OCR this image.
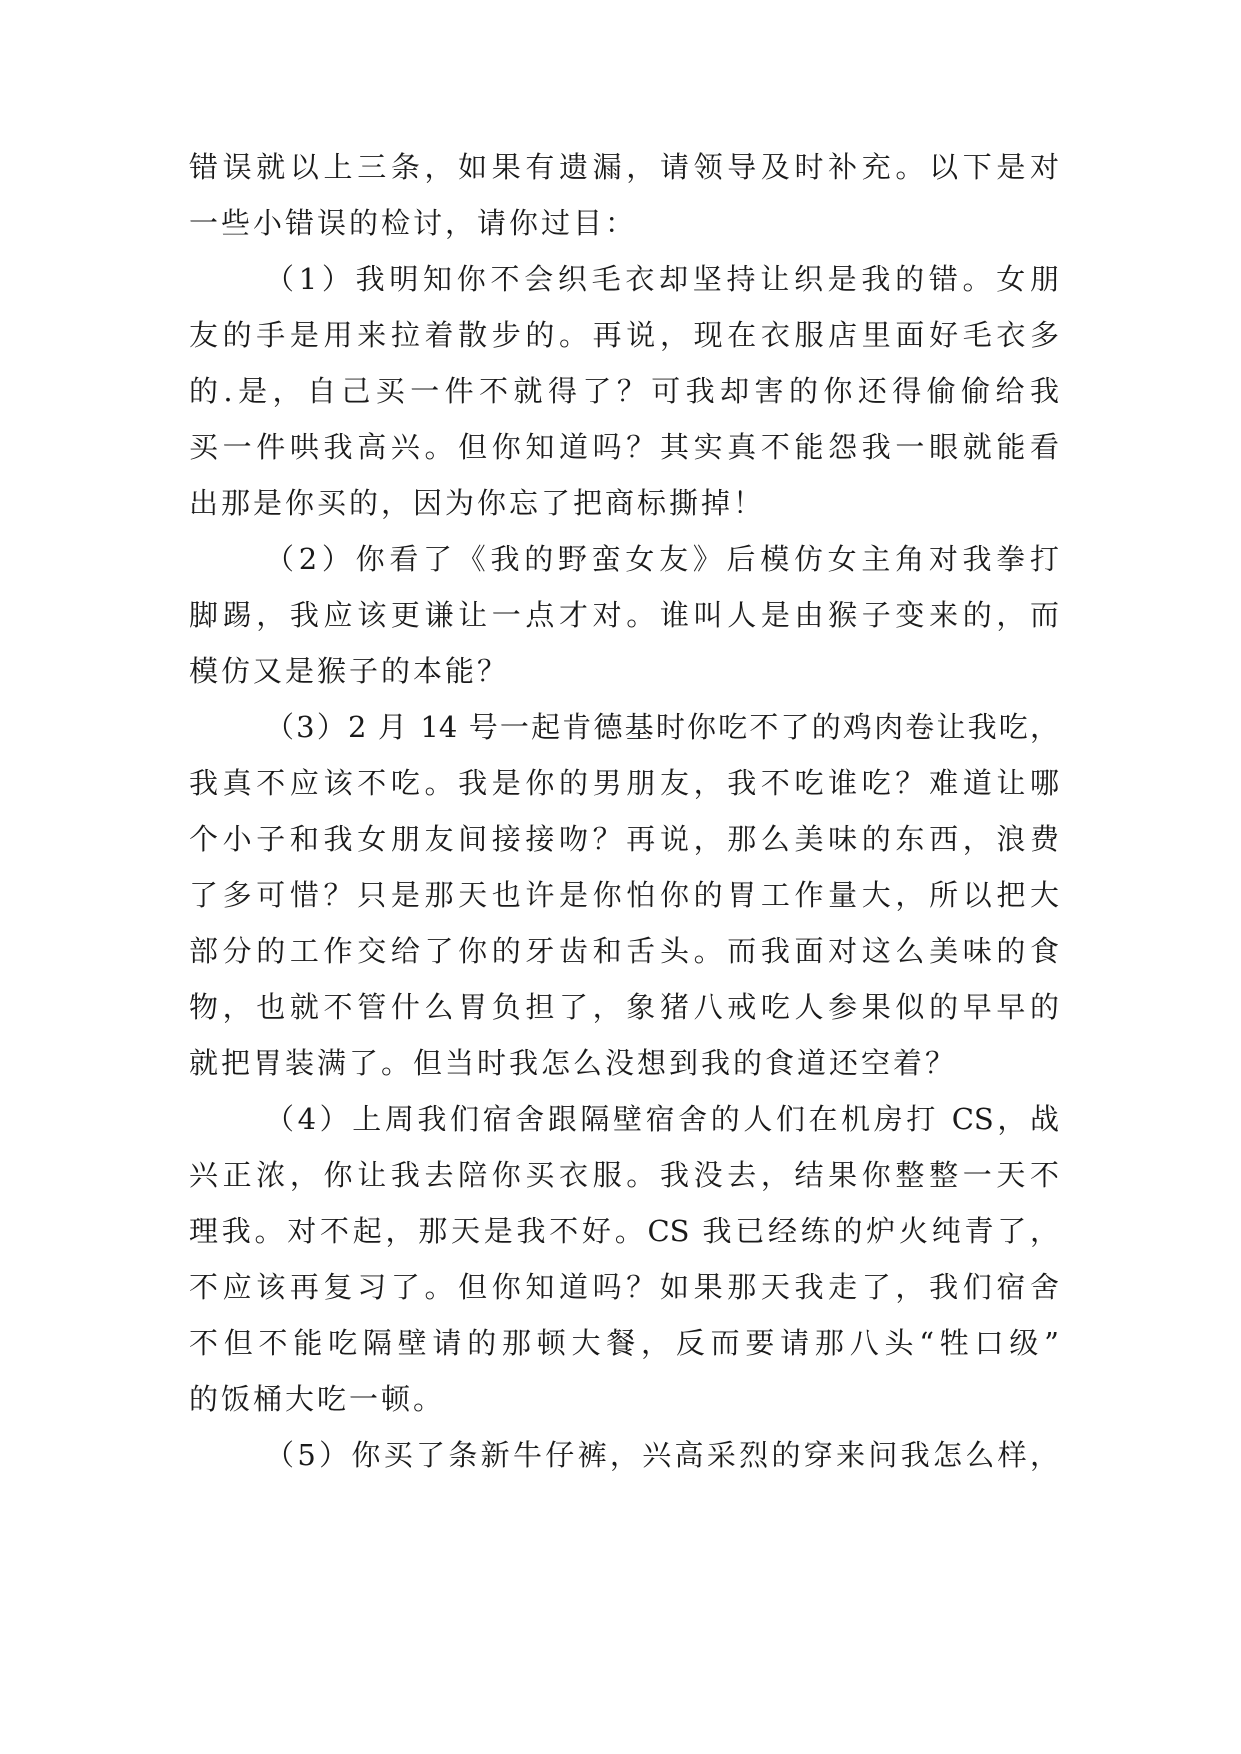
错误就以上三条，如果有遗漏，请领导及时补充。以下是对
一些小错误的检讨，请你过目：
（1）我明知你不会织毛衣却坚持让织是我的错。女朋
友的手是用来拉着散步的。再说，现在衣服店里面好毛衣多
的.是，自己买一件不就得了？可我却害的你还得偷偷给我
买一件哄我高兴。但你知道吗？其实真不能怨我一眼就能看
出那是你买的，因为你忘了把商标撕掉！
（2）你看了《我的野蛮女友》后模仿女主角对我拳打
脚踢，我应该更谦让一点才对。谁叫人是由猴子变来的，而
模仿又是猴子的本能？
（3）2 月 14 号一起肯德基时你吃不了的鸡肉卷让我吃，
我真不应该不吃。我是你的男朋友，我不吃谁吃？难道让哪
个小子和我女朋友间接接吻？再说，那么美味的东西，浪费
了多可惜？只是那天也许是你怕你的胃工作量大，所以把大
部分的工作交给了你的牙齿和舌头。而我面对这么美味的食
物，也就不管什么胃负担了，象猪八戒吃人参果似的早早的
就把胃装满了。但当时我怎么没想到我的食道还空着？
（4）上周我们宿舍跟隔壁宿舍的人们在机房打 CS，战
兴正浓，你让我去陪你买衣服。我没去，结果你整整一天不
理我。对不起，那天是我不好。CS 我已经练的炉火纯青了，
不应该再复习了。但你知道吗？如果那天我走了，我们宿舍
不但不能吃隔壁请的那顿大餐，反而要请那八头“牲口级”
的饭桶大吃一顿。
（5）你买了条新牛仔裤，兴高采烈的穿来问我怎么样，
